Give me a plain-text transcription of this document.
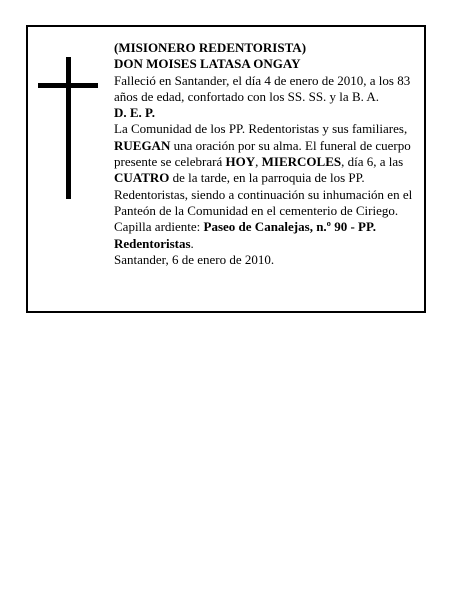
(MISIONERO REDENTORISTA)

DON MOISES LATASA ONGAY

Falleció en Santander, el día 4 de enero de 2010, a los 83 años de edad, confortado con los SS. SS. y la B. A.

D. E. P.

La Comunidad de los PP. Redentoristas y sus familiares,

RUEGAN una oración por su alma. El funeral de cuerpo presente se celebrará HOY, MIERCOLES, día 6, a las CUATRO de la tarde, en la parroquia de los PP. Redentoristas, siendo a continuación su inhumación en el Panteón de la Comunidad en el cementerio de Ciriego. Capilla ardiente: Paseo de Canalejas, n.º 90 - PP. Redentoristas.

Santander, 6 de enero de 2010.
